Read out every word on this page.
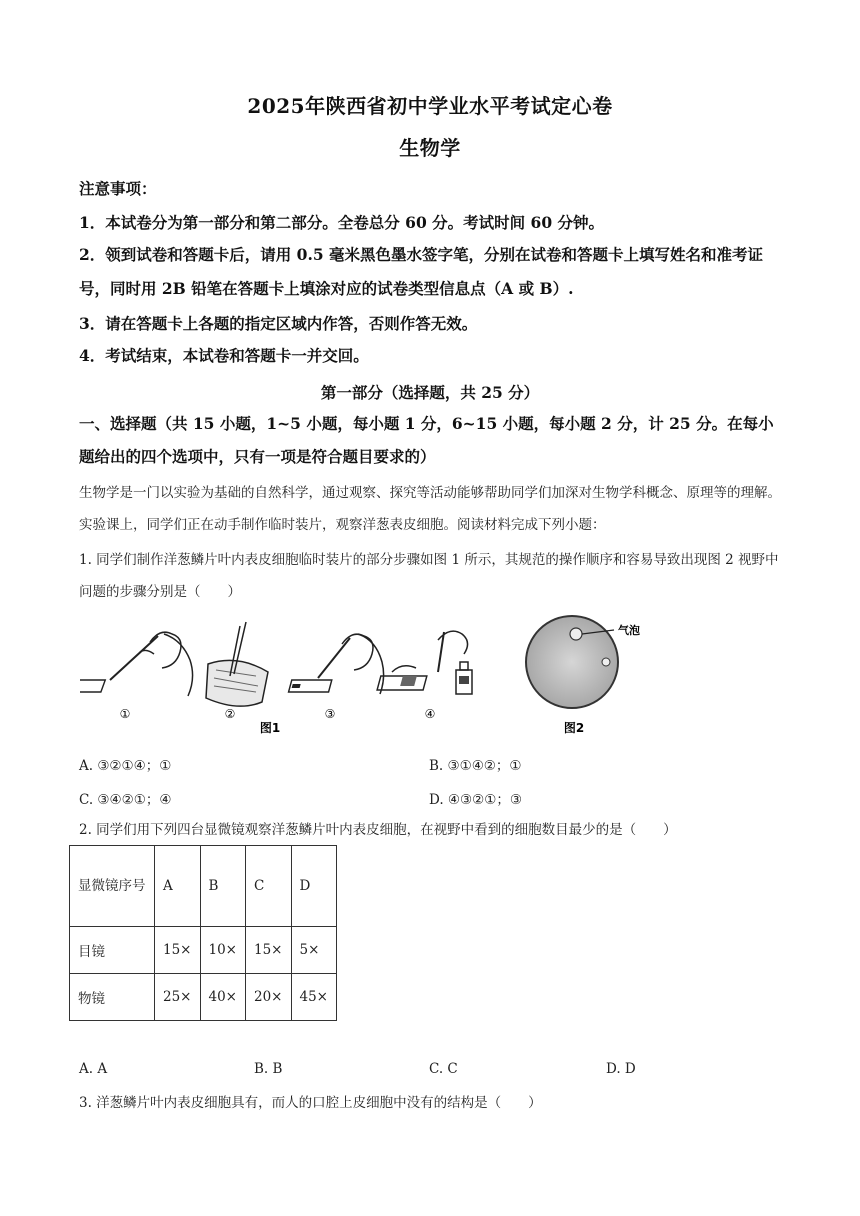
2025年陕西省初中学业水平考试定心卷
生物学
注意事项：
1．本试卷分为第一部分和第二部分。全卷总分 60 分。考试时间 60 分钟。
2．领到试卷和答题卡后，请用 0.5 毫米黑色墨水签字笔，分别在试卷和答题卡上填写姓名和准考证号，同时用 2B 铅笔在答题卡上填涂对应的试卷类型信息点（A 或 B）.
3．请在答题卡上各题的指定区域内作答，否则作答无效。
4．考试结束，本试卷和答题卡一并交回。
第一部分（选择题，共 25 分）
一、选择题（共 15 小题，1~5 小题，每小题 1 分，6~15 小题，每小题 2 分，计 25 分。在每小题给出的四个选项中，只有一项是符合题目要求的）
生物学是一门以实验为基础的自然科学，通过观察、探究等活动能够帮助同学们加深对生物学科概念、原理等的理解。实验课上，同学们正在动手制作临时装片，观察洋葱表皮细胞。阅读材料完成下列小题：
1. 同学们制作洋葱鳞片叶内表皮细胞临时装片的部分步骤如图 1 所示，其规范的操作顺序和容易导致出现图 2 视野中问题的步骤分别是（　　）
①	②	③	④
气泡
图1	图2
A. ③②①④；①	B. ③①④②；①
C. ③④②①；④	D. ④③②①；③
2. 同学们用下列四台显微镜观察洋葱鳞片叶内表皮细胞，在视野中看到的细胞数目最少的是（　　）
显微镜序号	A	B	C	D
目镜	15×	10×	15×	5×
物镜	25×	40×	20×	45×
A. A	B. B	C. C	D. D
3. 洋葱鳞片叶内表皮细胞具有，而人的口腔上皮细胞中没有的结构是（　　）
